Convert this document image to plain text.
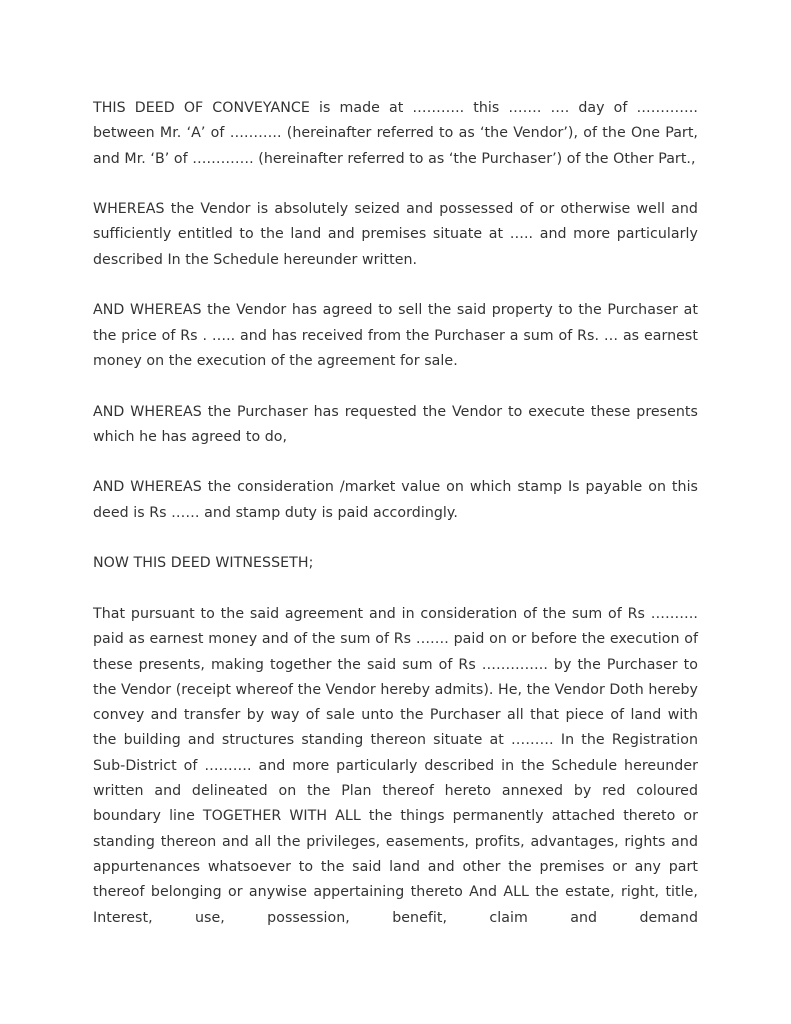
THIS DEED OF CONVEYANCE is made at ……….. this ……. …. day of …………. between Mr. ‘A’ of ……….. (hereinafter referred to as ‘the Vendor’), of the One Part, and Mr. ‘B’ of …………. (hereinafter referred to as ‘the Purchaser’) of the Other Part.,

WHEREAS the Vendor is absolutely seized and possessed of or otherwise well and sufficiently entitled to the land and premises situate at ….. and more particularly described In the Schedule hereunder written.

AND WHEREAS the Vendor has agreed to sell the said property to the Purchaser at the price of Rs . ….. and has received from the Purchaser a sum of Rs. … as earnest money on the execution of the agreement for sale.

AND WHEREAS the Purchaser has requested the Vendor to execute these presents which he has agreed to do,

AND WHEREAS the consideration /market value on which stamp Is payable on this deed is Rs …… and stamp duty is paid accordingly.

NOW THIS DEED WITNESSETH;

That pursuant to the said agreement and in consideration of the sum of Rs ………. paid as earnest money and of the sum of Rs ……. paid on or before the execution of these presents, making together the said sum of Rs ………….. by the Purchaser to the Vendor (receipt whereof the Vendor hereby admits). He, the Vendor Doth hereby convey and transfer by way of sale unto the Purchaser all that piece of land with the building and structures standing thereon situate at ……… In the Registration Sub-District of ………. and more particularly described in the Schedule hereunder written and delineated on the Plan thereof hereto annexed by red coloured boundary line TOGETHER WITH ALL the things permanently attached thereto or standing thereon and all the privileges, easements, profits, advantages, rights and appurtenances whatsoever to the said land and other the premises or any part thereof belonging or anywise appertaining thereto And ALL the estate, right, title, Interest, use, possession, benefit, claim and demand
